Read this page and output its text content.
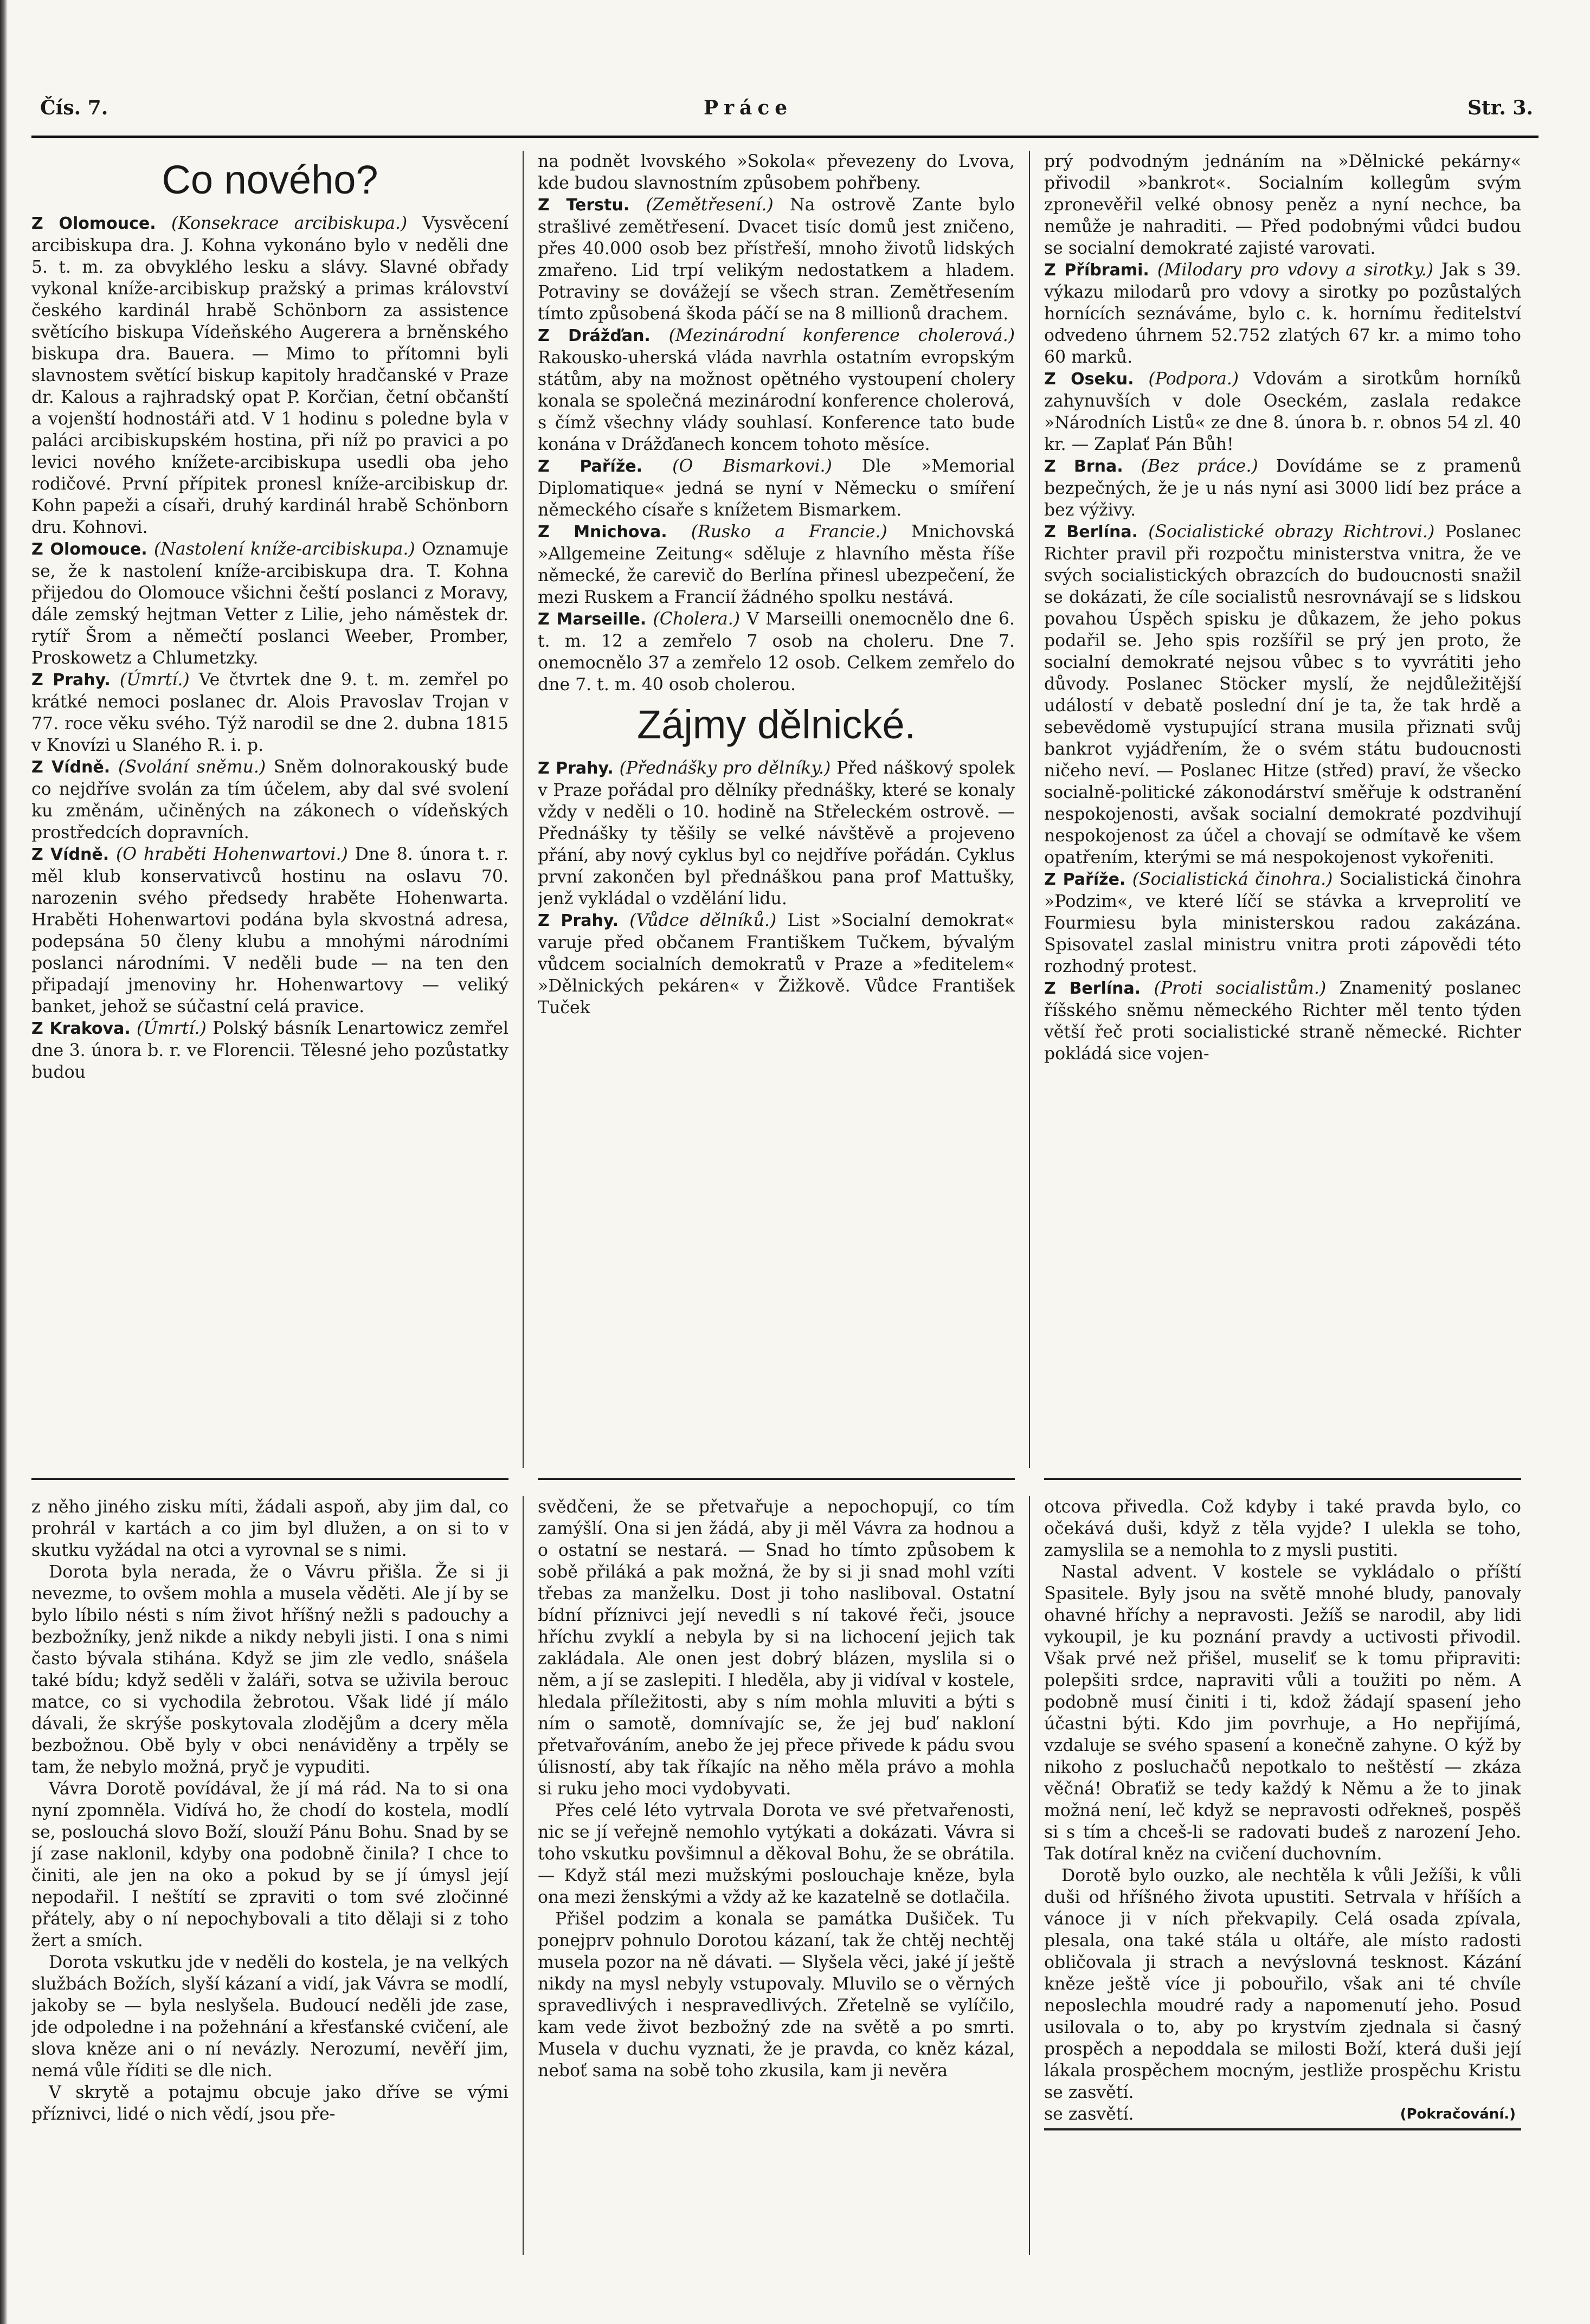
Čís. 7.	Práce	Str. 3.
Co nového?

Z Olomouce. (Konsekrace arcibiskupa.) Vysvěcení arcibiskupa dra. J. Kohna vykonáno bylo v neděli dne 5. t. m. za obvyklého lesku a slávy. Slavné obřady vykonal kníže-arcibiskup pražský a primas království českého kardinál hrabě Schönborn za assistence světícího biskupa Vídeňského Augerera a brněnského biskupa dra. Bauera. — Mimo to přítomni byli slavnostem světící biskup kapitoly hradčanské v Praze dr. Kalous a rajhradský opat P. Korčian, četní občanští a vojenští hodnostáři atd. V 1 hodinu s poledne byla v paláci arcibiskupském hostina, při níž po pravici a po levici nového knížete-arcibiskupa usedli oba jeho rodičové. První přípitek pronesl kníže-arcibiskup dr. Kohn papeži a císaři, druhý kardinál hrabě Schönborn dru. Kohnovi.

Z Olomouce. (Nastolení kníže-arcibiskupa.) Oznamuje se, že k nastolení kníže-arcibiskupa dra. T. Kohna přijedou do Olomouce všichni čeští poslanci z Moravy, dále zemský hejtman Vetter z Lilie, jeho náměstek dr. rytíř Šrom a němečtí poslanci Weeber, Promber, Proskowetz a Chlumetzky.

Z Prahy. (Úmrtí.) Ve čtvrtek dne 9. t. m. zemřel po krátké nemoci poslanec dr. Alois Pravoslav Trojan v 77. roce věku svého. Týž narodil se dne 2. dubna 1815 v Knovízi u Slaného R. i. p.

Z Vídně. (Svolání sněmu.) Sněm dolnorakouský bude co nejdříve svolán za tím účelem, aby dal své svolení ku změnám, učiněných na zákonech o vídeňských prostředcích dopravních.

Z Vídně. (O hraběti Hohenwartovi.) Dne 8. února t. r. měl klub konservativců hostinu na oslavu 70. narozenin svého předsedy hraběte Hohenwarta. Hraběti Hohenwartovi podána byla skvostná adresa, podepsána 50 členy klubu a mnohými národními poslanci národními. V neděli bude — na ten den připadají jmenoviny hr. Hohenwartovy — veliký banket, jehož se súčastní celá pravice.

Z Krakova. (Úmrtí.) Polský básník Lenartowicz zemřel dne 3. února b. r. ve Florencii. Tělesné jeho pozůstatky budou

na podnět lvovského »Sokola« převezeny do Lvova, kde budou slavnostním způsobem pohřbeny.

Z Terstu. (Zemětřesení.) Na ostrově Zante bylo strašlivé zemětřesení. Dvacet tisíc domů jest zničeno, přes 40.000 osob bez přístřeší, mnoho životů lidských zmařeno. Lid trpí velikým nedostatkem a hladem. Potraviny se dovážejí se všech stran. Zemětřesením tímto způsobená škoda páčí se na 8 millionů drachem.

Z Drážďan. (Mezinárodní konference cholerová.) Rakousko-uherská vláda navrhla ostatním evropským státům, aby na možnost opětného vystoupení cholery konala se společná mezinárodní konference cholerová, s čímž všechny vlády souhlasí. Konference tato bude konána v Drážďanech koncem tohoto měsíce.

Z Paříže. (O Bismarkovi.) Dle »Memorial Diplomatique« jedná se nyní v Německu o smíření německého císaře s knížetem Bismarkem.

Z Mnichova. (Rusko a Francie.) Mnichovská »Allgemeine Zeitung« sděluje z hlavního města říše německé, že carevič do Berlína přinesl ubezpečení, že mezi Ruskem a Francií žádného spolku nestává.

Z Marseille. (Cholera.) V Marseilli onemocnělo dne 6. t. m. 12 a zemřelo 7 osob na choleru. Dne 7. onemocnělo 37 a zemřelo 12 osob. Celkem zemřelo do dne 7. t. m. 40 osob cholerou.

Zájmy dělnické.

Z Prahy. (Přednášky pro dělníky.) Před náškový spolek v Praze pořádal pro dělníky přednášky, které se konaly vždy v neděli o 10. hodině na Střeleckém ostrově. — Přednášky ty těšily se velké návštěvě a projeveno přání, aby nový cyklus byl co nejdříve pořádán. Cyklus první zakončen byl přednáškou pana prof Mattušky, jenž vykládal o vzdělání lidu.

Z Prahy. (Vůdce dělníků.) List »Socialní demokrat« varuje před občanem Františkem Tučkem, bývalým vůdcem socialních demokratů v Praze a »feditelem« »Dělnických pekáren« v Žižkově. Vůdce František Tuček

prý podvodným jednáním na »Dělnické pekárny« přivodil »bankrot«. Socialním kollegům svým zpronevěřil velké obnosy peněz a nyní nechce, ba nemůže je nahraditi. — Před podobnými vůdci budou se socialní demokraté zajisté varovati.

Z Příbrami. (Milodary pro vdovy a sirotky.) Jak s 39. výkazu milodarů pro vdovy a sirotky po pozůstalých hornících seznáváme, bylo c. k. hornímu ředitelství odvedeno úhrnem 52.752 zlatých 67 kr. a mimo toho 60 marků.

Z Oseku. (Podpora.) Vdovám a sirotkům horníků zahynuvších v dole Oseckém, zaslala redakce »Národních Listů« ze dne 8. února b. r. obnos 54 zl. 40 kr. — Zaplať Pán Bůh!

Z Brna. (Bez práce.) Dovídáme se z pramenů bezpečných, že je u nás nyní asi 3000 lidí bez práce a bez výživy.

Z Berlína. (Socialistické obrazy Richtrovi.) Poslanec Richter pravil při rozpočtu ministerstva vnitra, že ve svých socialistických obrazcích do budoucnosti snažil se dokázati, že cíle socialistů nesrovnávají se s lidskou povahou Úspěch spisku je důkazem, že jeho pokus podařil se. Jeho spis rozšířil se prý jen proto, že socialní demokraté nejsou vůbec s to vyvrátiti jeho důvody. Poslanec Stöcker myslí, že nejdůležitější událostí v debatě poslední dní je ta, že tak hrdě a sebevědomě vystupující strana musila přiznati svůj bankrot vyjádřením, že o svém státu budoucnosti ničeho neví. — Poslanec Hitze (střed) praví, že všecko socialně-politické zákonodárství směřuje k odstranění nespokojenosti, avšak socialní demokraté pozdvihují nespokojenost za účel a chovají se odmítavě ke všem opatřením, kterými se má nespokojenost vykořeniti.

Z Paříže. (Socialistická činohra.) Socialistická činohra »Podzim«, ve které líčí se stávka a krveprolití ve Fourmiesu byla ministerskou radou zakázána. Spisovatel zaslal ministru vnitra proti zápovědi této rozhodný protest.

Z Berlína. (Proti socialistům.) Znamenitý poslanec říšského sněmu německého Richter měl tento týden větší řeč proti socialistické straně německé. Richter pokládá sice vojen-

z něho jiného zisku míti, žádali aspoň, aby jim dal, co prohrál v kartách a co jim byl dlužen, a on si to v skutku vyžádal na otci a vyrovnal se s nimi.

Dorota byla nerada, že o Vávru přišla. Že si ji nevezme, to ovšem mohla a musela věděti. Ale jí by se bylo líbilo nésti s ním život hříšný nežli s padouchy a bezbožníky, jenž nikde a nikdy nebyli jisti. I ona s nimi často bývala stihána. Když se jim zle vedlo, snášela také bídu; když seděli v žaláři, sotva se uživila berouc matce, co si vychodila žebrotou. Však lidé jí málo dávali, že skrýše poskytovala zlodějům a dcery měla bezbožnou. Obě byly v obci nenáviděny a trpěly se tam, že nebylo možná, pryč je vypuditi.

Vávra Dorotě povídával, že jí má rád. Na to si ona nyní zpomněla. Vidívá ho, že chodí do kostela, modlí se, poslouchá slovo Boží, slouží Pánu Bohu. Snad by se jí zase naklonil, kdyby ona podobně činila? I chce to činiti, ale jen na oko a pokud by se jí úmysl její nepodařil. I neštítí se zpraviti o tom své zločinné přátely, aby o ní nepochybovali a tito dělaji si z toho žert a smích.

Dorota vskutku jde v neděli do kostela, je na velkých službách Božích, slyší kázaní a vidí, jak Vávra se modlí, jakoby se — byla neslyšela. Budoucí neděli jde zase, jde odpoledne i na požehnání a křesťanské cvičení, ale slova kněze ani o ní nevázly. Nerozumí, nevěří jim, nemá vůle říditi se dle nich.

V skrytě a potajmu obcuje jako dříve se vými příznivci, lidé o nich vědí, jsou pře-

svědčeni, že se přetvařuje a nepochopují, co tím zamýšlí. Ona si jen žádá, aby ji měl Vávra za hodnou a o ostatní se nestará. — Snad ho tímto způsobem k sobě přiláká a pak možná, že by si ji snad mohl vzíti třebas za manželku. Dost ji toho nasliboval. Ostatní bídní příznivci její nevedli s ní takové řeči, jsouce hříchu zvyklí a nebyla by si na lichocení jejich tak zakládala. Ale onen jest dobrý blázen, myslila si o něm, a jí se zaslepiti. I hleděla, aby ji vidíval v kostele, hledala příležitosti, aby s ním mohla mluviti a býti s ním o samotě, domnívajíc se, že jej buď nakloní přetvařováním, anebo že jej přece přivede k pádu svou úlisností, aby tak říkajíc na něho měla právo a mohla si ruku jeho moci vydobyvati.

Přes celé léto vytrvala Dorota ve své přetvařenosti, nic se jí veřejně nemohlo vytýkati a dokázati. Vávra si toho vskutku povšimnul a děkoval Bohu, že se obrátila. — Když stál mezi mužskými poslouchaje kněze, byla ona mezi ženskými a vždy až ke kazatelně se dotlačila.

Přišel podzim a konala se památka Dušiček. Tu ponejprv pohnulo Dorotou kázaní, tak že chtěj nechtěj musela pozor na ně dávati. — Slyšela věci, jaké jí ještě nikdy na mysl nebyly vstupovaly. Mluvilo se o věrných spravedlivých i nespravedlivých. Zřetelně se vylíčilo, kam vede život bezbožný zde na světě a po smrti. Musela v duchu vyznati, že je pravda, co kněz kázal, neboť sama na sobě toho zkusila, kam ji nevěra

otcova přivedla. Což kdyby i také pravda bylo, co očekává duši, když z těla vyjde? I ulekla se toho, zamyslila se a nemohla to z mysli pustiti.

Nastal advent. V kostele se vykládalo o příští Spasitele. Byly jsou na světě mnohé bludy, panovaly ohavné hříchy a nepravosti. Ježíš se narodil, aby lidi vykoupil, je ku poznání pravdy a uctivosti přivodil. Však prvé než přišel, museliť se k tomu připraviti: polepšiti srdce, napraviti vůli a toužiti po něm. A podobně musí činiti i ti, kdož žádají spasení jeho účastni býti. Kdo jim povrhuje, a Ho nepřijímá, vzdaluje se svého spasení a konečně zahyne. O kýž by nikoho z posluchačů nepotkalo to neštěstí — zkáza věčná! Obraťiž se tedy každý k Němu a že to jinak možná není, leč když se nepravosti odřekneš, pospěš si s tím a chceš-li se radovati budeš z narození Jeho. Tak dotíral kněz na cvičení duchovním.

Dorotě bylo ouzko, ale nechtěla k vůli Ježíši, k vůli duši od hříšného života upustiti. Setrvala v hříších a vánoce ji v ních překvapily. Celá osada zpívala, plesala, ona také stála u oltáře, ale místo radosti obličovala ji strach a nevýslovná tesknost. Kázání kněze ještě více ji pobouřilo, však ani té chvíle neposlechla moudré rady a napomenutí jeho. Posud usilovala o to, aby po krystvím zjednala si časný prospěch a nepoddala se milosti Boží, která duši její lákala prospěchem mocným, jestliže prospěchu Kristu se zasvětí.

se zasvětí.	(Pokračování.)
